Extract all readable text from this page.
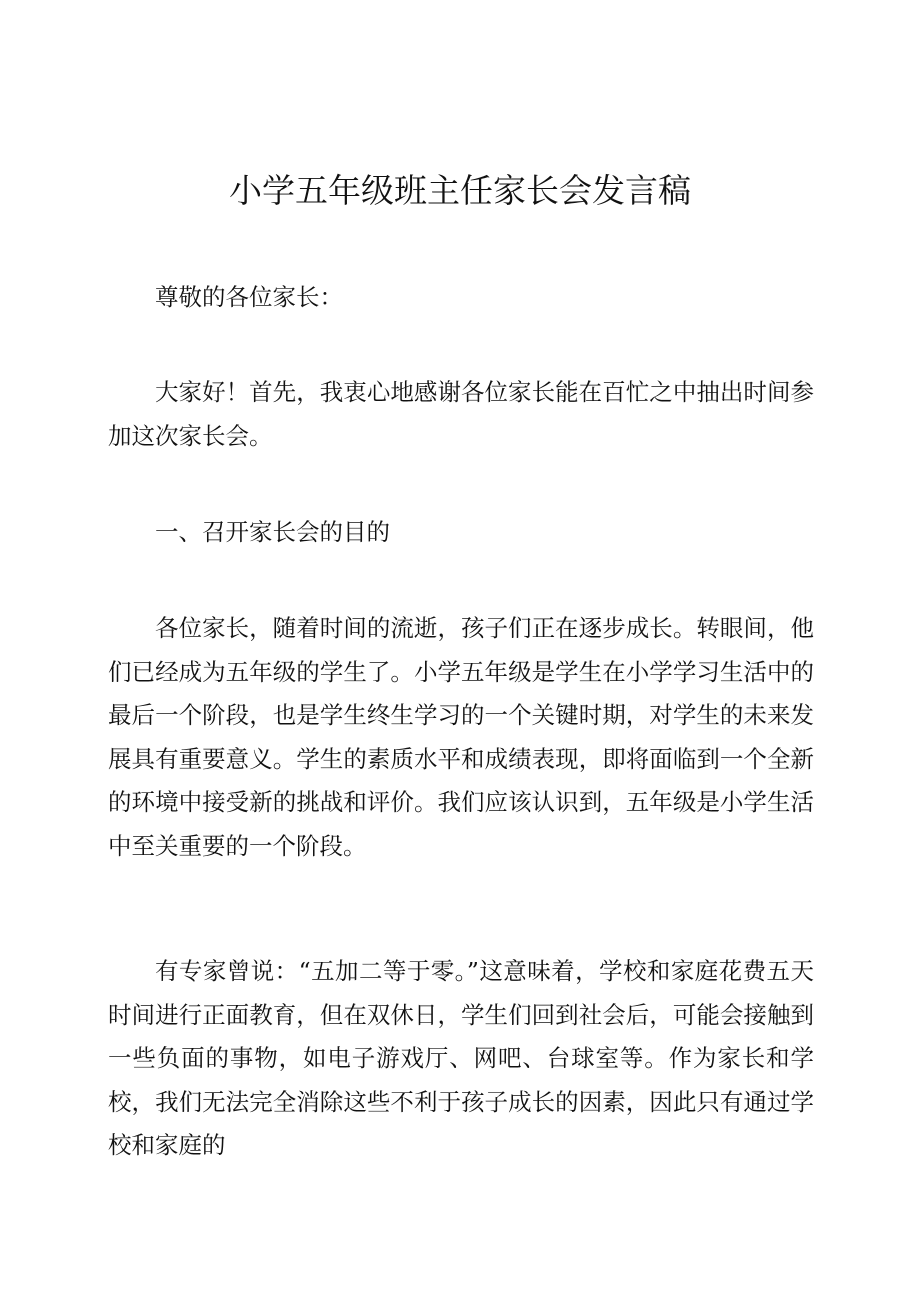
小学五年级班主任家长会发言稿

尊敬的各位家长：

大家好！首先，我衷心地感谢各位家长能在百忙之中抽出时间参加这次家长会。

一、召开家长会的目的

各位家长，随着时间的流逝，孩子们正在逐步成长。转眼间，他们已经成为五年级的学生了。小学五年级是学生在小学学习生活中的最后一个阶段，也是学生终生学习的一个关键时期，对学生的未来发展具有重要意义。学生的素质水平和成绩表现，即将面临到一个全新的环境中接受新的挑战和评价。我们应该认识到，五年级是小学生活中至关重要的一个阶段。

有专家曾说：“五加二等于零。”这意味着，学校和家庭花费五天时间进行正面教育，但在双休日，学生们回到社会后，可能会接触到一些负面的事物，如电子游戏厅、网吧、台球室等。作为家长和学校，我们无法完全消除这些不利于孩子成长的因素，因此只有通过学校和家庭的
